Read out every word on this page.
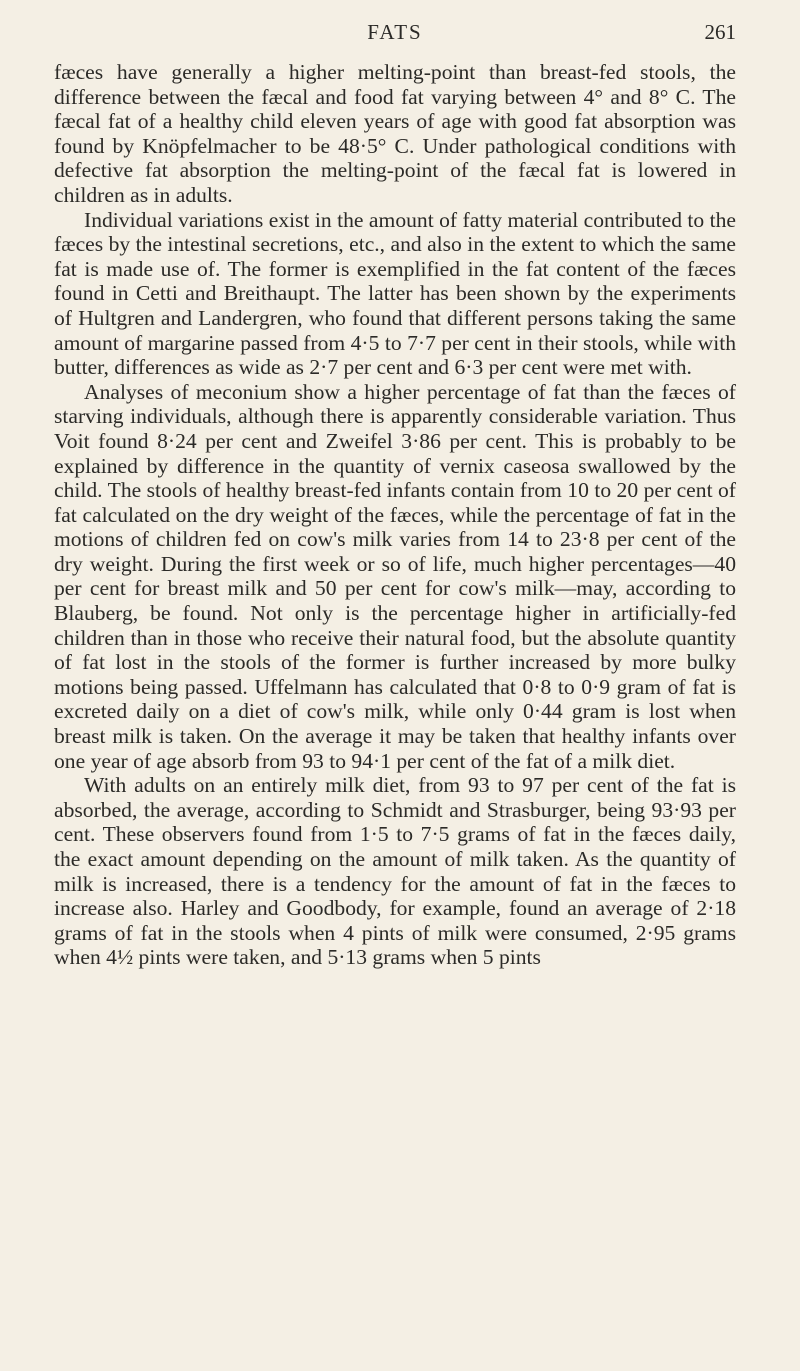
FATS	261

fæces have generally a higher melting-point than breast-fed stools, the difference between the fæcal and food fat varying between 4° and 8° C. The fæcal fat of a healthy child eleven years of age with good fat absorption was found by Knöpfelmacher to be 48·5° C. Under pathological conditions with defective fat absorption the melting-point of the fæcal fat is lowered in children as in adults.

Individual variations exist in the amount of fatty material contributed to the fæces by the intestinal secretions, etc., and also in the extent to which the same fat is made use of. The former is exemplified in the fat content of the fæces found in Cetti and Breithaupt. The latter has been shown by the experiments of Hultgren and Landergren, who found that different persons taking the same amount of margarine passed from 4·5 to 7·7 per cent in their stools, while with butter, differences as wide as 2·7 per cent and 6·3 per cent were met with.

Analyses of meconium show a higher percentage of fat than the fæces of starving individuals, although there is apparently considerable variation. Thus Voit found 8·24 per cent and Zweifel 3·86 per cent. This is probably to be explained by difference in the quantity of vernix caseosa swallowed by the child. The stools of healthy breast-fed infants contain from 10 to 20 per cent of fat calculated on the dry weight of the fæces, while the percentage of fat in the motions of children fed on cow's milk varies from 14 to 23·8 per cent of the dry weight. During the first week or so of life, much higher percentages—40 per cent for breast milk and 50 per cent for cow's milk—may, according to Blauberg, be found. Not only is the percentage higher in artificially-fed children than in those who receive their natural food, but the absolute quantity of fat lost in the stools of the former is further increased by more bulky motions being passed. Uffelmann has calculated that 0·8 to 0·9 gram of fat is excreted daily on a diet of cow's milk, while only 0·44 gram is lost when breast milk is taken. On the average it may be taken that healthy infants over one year of age absorb from 93 to 94·1 per cent of the fat of a milk diet.

With adults on an entirely milk diet, from 93 to 97 per cent of the fat is absorbed, the average, according to Schmidt and Strasburger, being 93·93 per cent. These observers found from 1·5 to 7·5 grams of fat in the fæces daily, the exact amount depending on the amount of milk taken. As the quantity of milk is increased, there is a tendency for the amount of fat in the fæces to increase also. Harley and Goodbody, for example, found an average of 2·18 grams of fat in the stools when 4 pints of milk were consumed, 2·95 grams when 4½ pints were taken, and 5·13 grams when 5 pints
